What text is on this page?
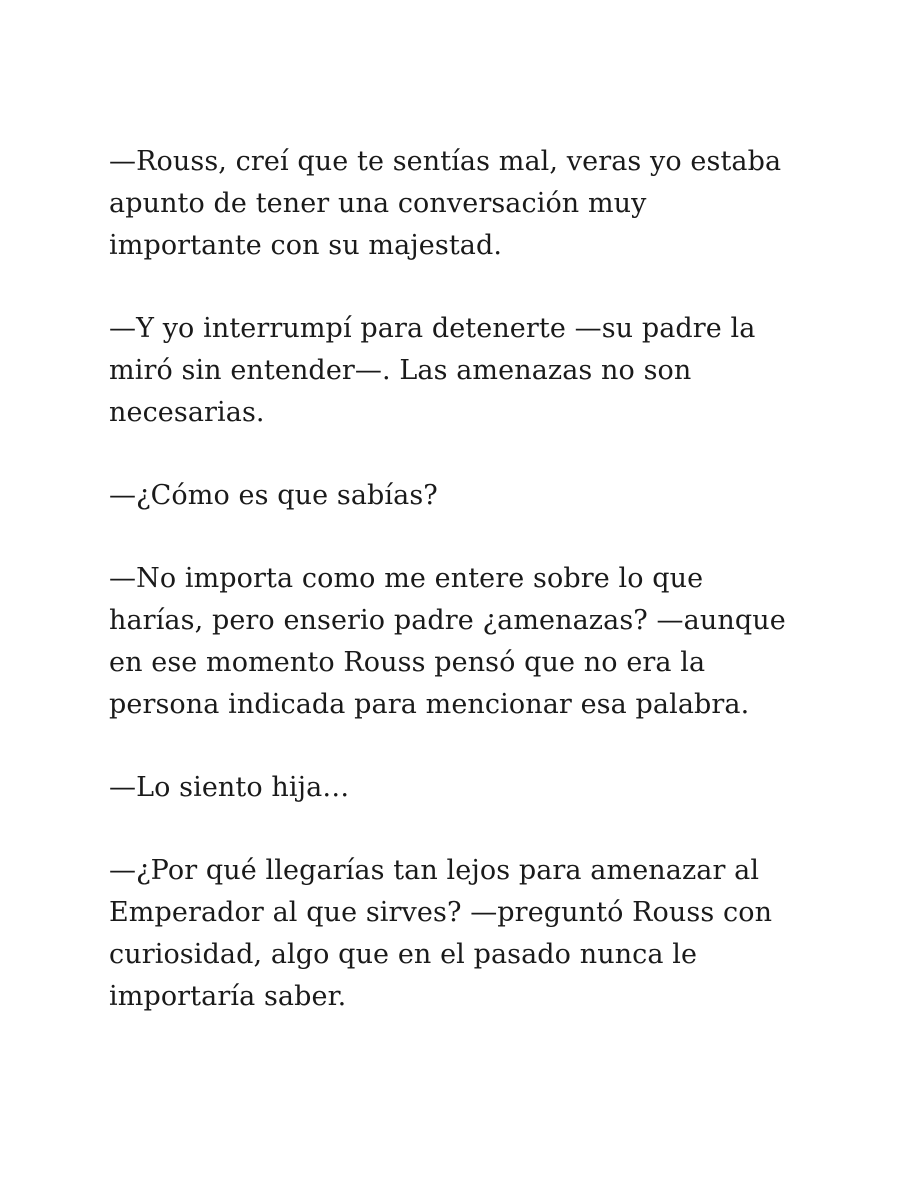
—Rouss, creí que te sentías mal, veras yo estaba
apunto de tener una conversación muy
importante con su majestad.

—Y yo interrumpí para detenerte —su padre la
miró sin entender—. Las amenazas no son
necesarias.

—¿Cómo es que sabías?

—No importa como me entere sobre lo que
harías, pero enserio padre ¿amenazas? —aunque
en ese momento Rouss pensó que no era la
persona indicada para mencionar esa palabra.

—Lo siento hija…

—¿Por qué llegarías tan lejos para amenazar al
Emperador al que sirves? —preguntó Rouss con
curiosidad, algo que en el pasado nunca le
importaría saber.
